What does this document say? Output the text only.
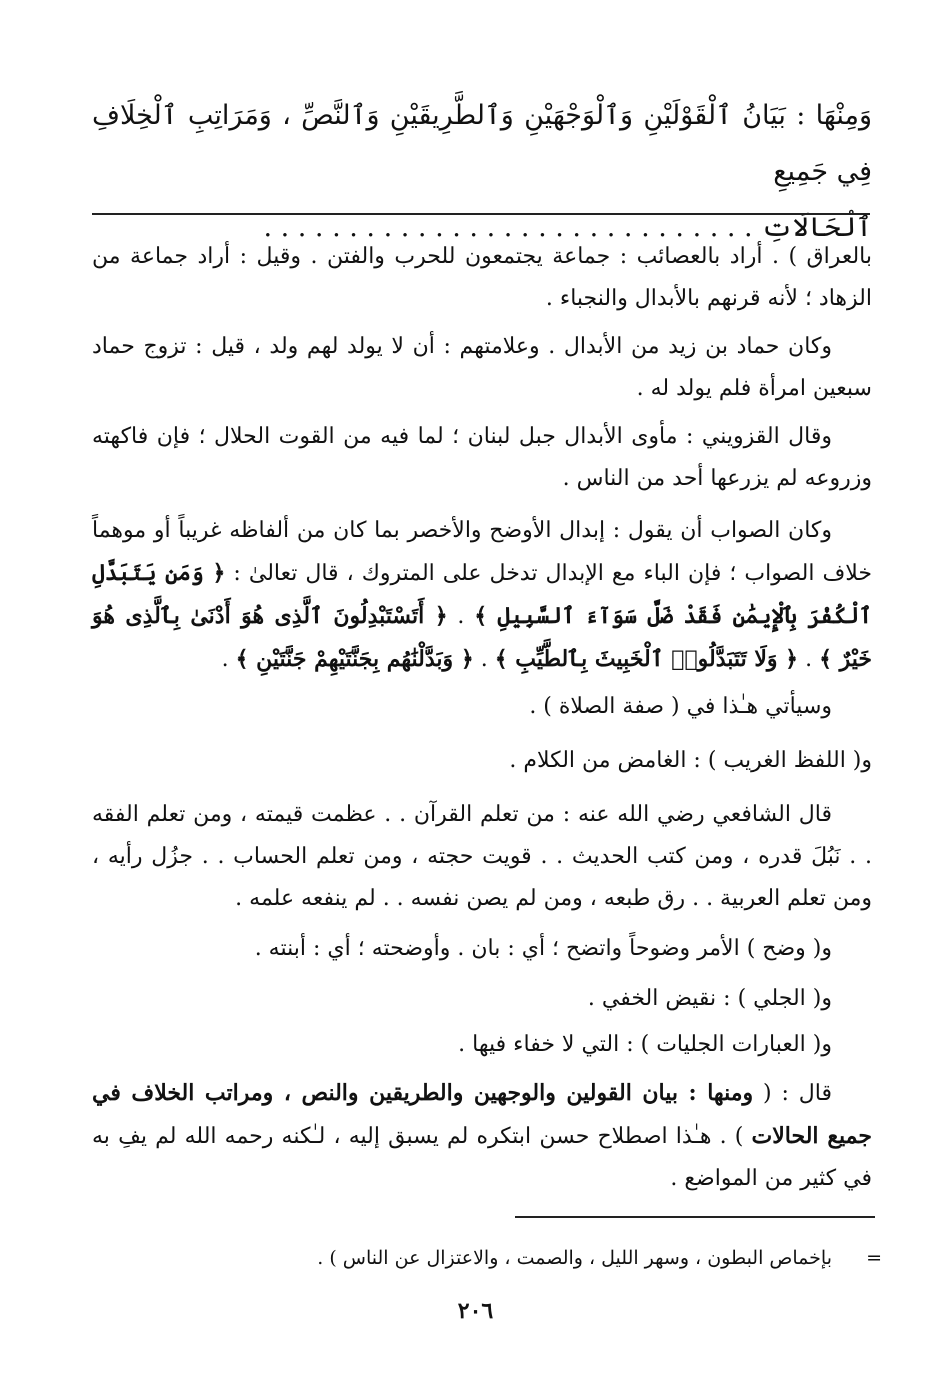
وَمِنْهَا : بَيَانُ ٱلْقَوْلَيْنِ وَٱلْوَجْهَيْنِ وَٱلطَّرِيقَيْنِ وَٱلنَّصِّ ، وَمَرَاتِبِ ٱلْخِلَافِ فِي جَمِيعِ
ٱلْحَالَاتِ . . . . . . . . . . . . . . . . . . . . . . . . . . . . .

بالعراق ) . أراد بالعصائب : جماعة يجتمعون للحرب والفتن . وقيل : أراد جماعة من الزهاد ؛ لأنه قرنهم بالأبدال والنجباء .

وكان حماد بن زيد من الأبدال . وعلامتهم : أن لا يولد لهم ولد ، قيل : تزوج حماد سبعين امرأة فلم يولد له .

وقال القزويني : مأوى الأبدال جبل لبنان ؛ لما فيه من القوت الحلال ؛ فإن فاكهته وزروعه لم يزرعها أحد من الناس .

وكان الصواب أن يقول : إبدال الأوضح والأخصر بما كان من ألفاظه غريباً أو موهماً خلاف الصواب ؛ فإن الباء مع الإبدال تدخل على المتروك ، قال تعالىٰ : ﴿ وَمَن يَتَبَدَّلِ ٱلْكُفْرَ بِٱلْإِيمَٰنِ فَقَدْ ضَلَّ سَوَآءَ ٱلسَّبِيلِ ﴾ . ﴿ أَتَسْتَبْدِلُونَ ٱلَّذِى هُوَ أَدْنَىٰ بِٱلَّذِى هُوَ خَيْرٌ ﴾ . ﴿ وَلَا تَتَبَدَّلُوا۟ ٱلْخَبِيثَ بِٱلطَّيِّبِ ﴾ . ﴿ وَبَدَّلْنَٰهُم بِجَنَّتَيْهِمْ جَنَّتَيْنِ ﴾ .

وسيأتي هـٰذا في ( صفة الصلاة ) .

و( اللفظ الغريب ) : الغامض من الكلام .

قال الشافعي رضي الله عنه : من تعلم القرآن . . عظمت قيمته ، ومن تعلم الفقه . . نَبُلَ قدره ، ومن كتب الحديث . . قويت حجته ، ومن تعلم الحساب . . جزُل رأيه ، ومن تعلم العربية . . رق طبعه ، ومن لم يصن نفسه . . لم ينفعه علمه .

و( وضح ) الأمر وضوحاً واتضح ؛ أي : بان . وأوضحته ؛ أي : أبنته .

و( الجلي ) : نقيض الخفي .

و( العبارات الجليات ) : التي لا خفاء فيها .

قال : ( ومنها : بيان القولين والوجهين والطريقين والنص ، ومراتب الخلاف في جميع الحالات ) . هـٰذا اصطلاح حسن ابتكره لم يسبق إليه ، لـٰكنه رحمه الله لم يفِ به في كثير من المواضع .

=
بإخماص البطون ، وسهر الليل ، والصمت ، والاعتزال عن الناس ) .

٢٠٦
